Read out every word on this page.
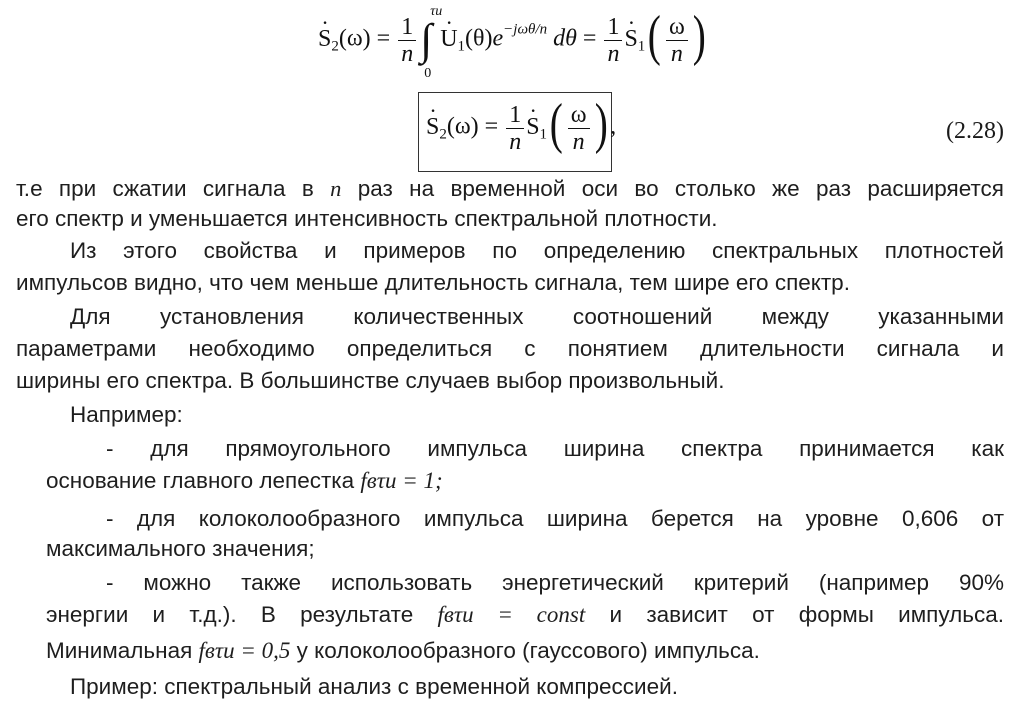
· $S_2(\omega) = \frac{1}{n}$ ∫
τи
0
· $U_1(\theta)e^{-j\omega\theta/n}$ $d\theta = \frac{1}{n}$
· $S_1( \frac{\omega}{n}$ )
· $S_2(\omega) = \frac{1}{n}$
· $S_1( \frac{\omega}{n}$ ) ,	(2.28)
т.е при сжатии сигнала в n раз на временной оси во столько же раз расширяется
его спектр и уменьшается интенсивность спектральной плотности.
Из этого свойства и примеров по определению спектральных плотностей
импульсов видно, что чем меньше длительность сигнала, тем шире его спектр.
Для установления количественных соотношений между указанными
параметрами необходимо определиться с понятием длительности сигнала и
ширины его спектра. В большинстве случаев выбор произвольный.
Например:
- для прямоугольного импульса ширина спектра принимается как
основание главного лепестка fвτи = 1;
- для колоколообразного импульса ширина берется на уровне 0,606 от
максимального значения;
- можно также использовать энергетический критерий (например 90%
энергии и т.д.). В результате fвτи = const и зависит от формы импульса.
Минимальная fвτи = 0,5 у колоколообразного (гауссового) импульса.
Пример: спектральный анализ с временной компрессией.
